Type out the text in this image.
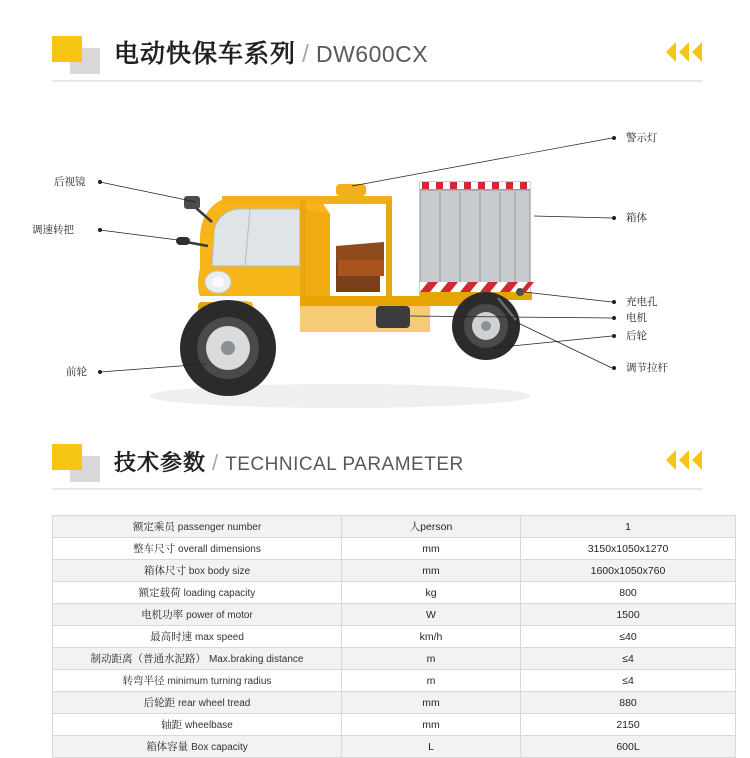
电动快保车系列 / DW600CX
后视镜
调速转把
前轮
警示灯
箱体
充电孔
电机
后轮
调节拉杆
技术参数 / TECHNICAL PARAMETER
额定乘员 passenger number	人person	1
整车尺寸 overall dimensions	mm	3150x1050x1270
箱体尺寸 box body size	mm	1600x1050x760
额定载荷 loading capacity	kg	800
电机功率 power of motor	W	1500
最高时速 max speed	km/h	≤40
制动距离（普通水泥路） Max.braking distance	m	≤4
转弯半径 minimum turning radius	m	≤4
后轮距 rear wheel tread	mm	880
轴距 wheelbase	mm	2150
箱体容量 Box capacity	L	600L
